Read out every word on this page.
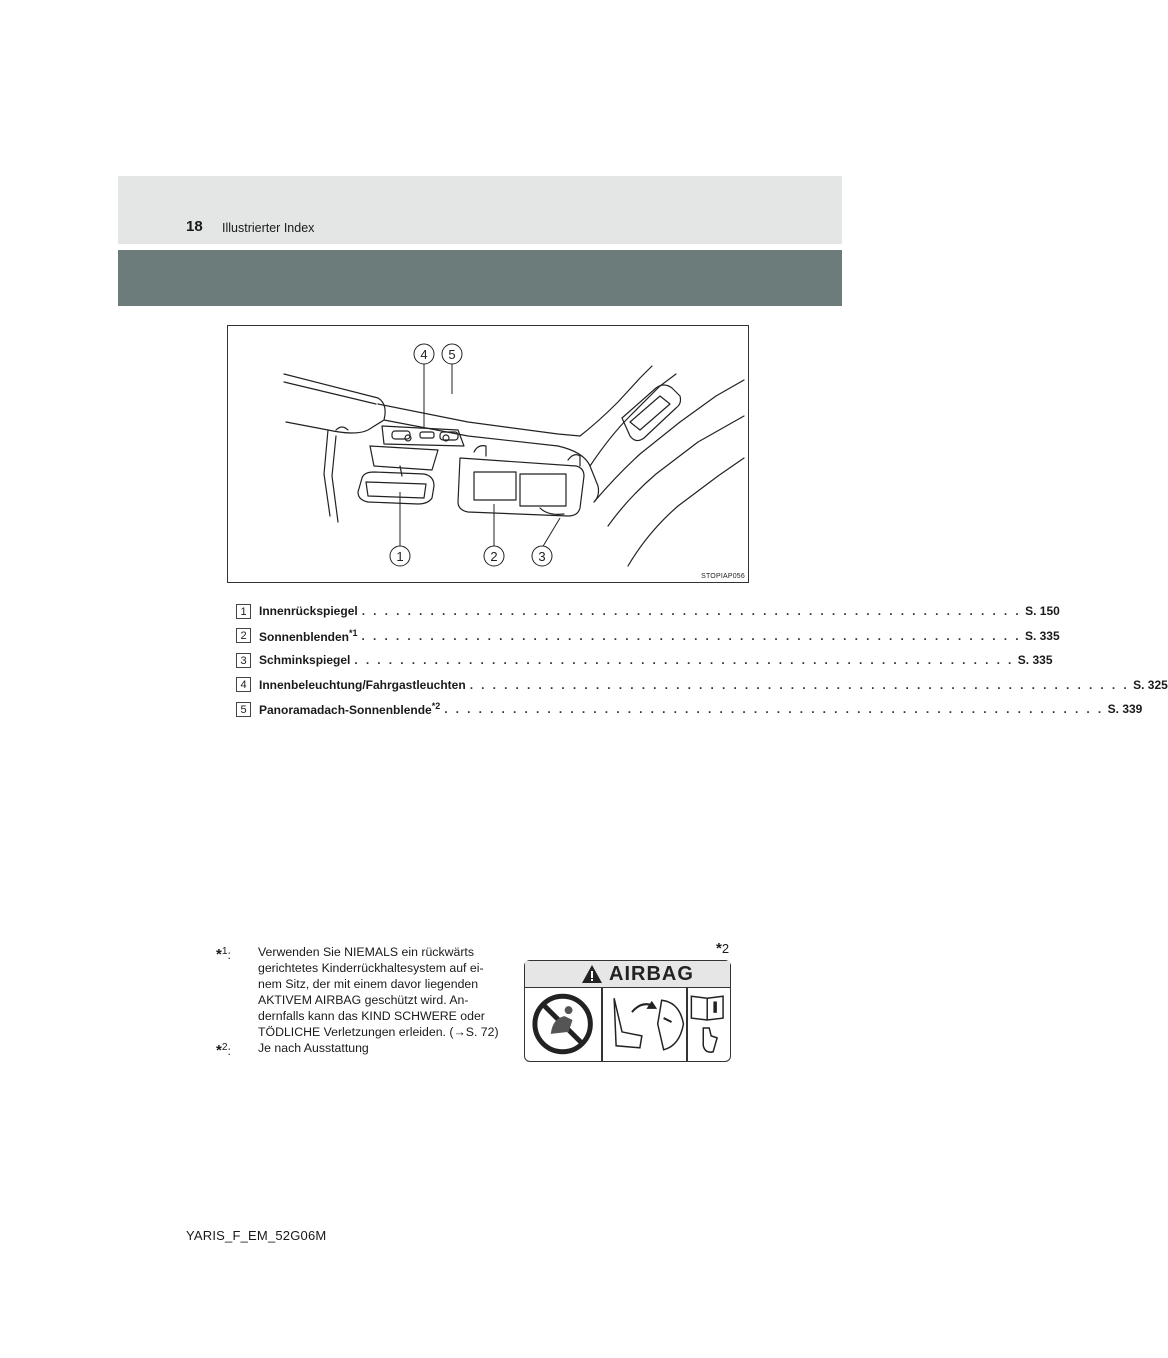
18 Illustrierter Index
4 5
1	2	3
STOPIAP056
1	Innenrückspiegel . . . . . . . . . . . . . . . . . . . . . . . . . . . . . . . . . . . . . . . . . . . . . . . . . . . . . . . . . . S. 150
2	Sonnenblenden$^{*1}$ . . . . . . . . . . . . . . . . . . . . . . . . . . . . . . . . . . . . . . . . . . . . . . . . . . . . . . . . . . S. 335
3	Schminkspiegel . . . . . . . . . . . . . . . . . . . . . . . . . . . . . . . . . . . . . . . . . . . . . . . . . . . . . . . . . . S. 335
4	Innenbeleuchtung/Fahrgastleuchten . . . . . . . . . . . . . . . . . . . . . . . . . . . . . . . . . . . . . . . . . . . . . . . . . . . . . . . . . . S. 325
5	Panoramadach-Sonnenblende$^{*2}$ . . . . . . . . . . . . . . . . . . . . . . . . . . . . . . . . . . . . . . . . . . . . . . . . . . . . . . . . . . S. 339
*$^1$:	Verwenden Sie NIEMALS ein rückwärts gerichtetes Kinderrückhaltesystem auf ei-nem Sitz, der mit einem davor liegenden AKTIVEM AIRBAG geschützt wird. An-dernfalls kann das KIND SCHWERE oder TÖDLICHE Verletzungen erleiden. (→S. 72)
*$^2$:	Je nach Ausstattung
*2
AIRBAG
YARIS_F_EM_52G06M
